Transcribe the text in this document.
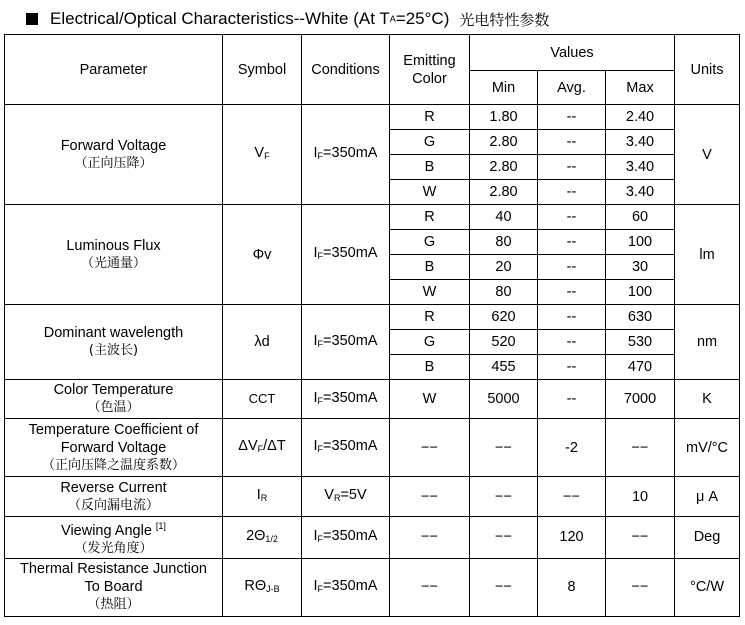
Electrical/Optical Characteristics--White (At T A =25°C) 光电特性参数
Parameter	Symbol	Conditions	Emitting Color	Values			Units
				Min	Avg.	Max	

Forward Voltage
（正向压降）	$V_F$	$I_F=350mA$	R	1.80	--	2.40	V
			G	2.80	--	3.40	
			B	2.80	--	3.40	
			W	2.80	--	3.40	

Luminous Flux
（光通量）	Φv	$I_F=350mA$	R	40	--	60	lm
			G	80	--	100	
			B	20	--	30	
			W	80	--	100	

Dominant wavelength
(主波长)	λd	$I_F=350mA$	R	620	--	630	nm
			G	520	--	530	
			B	455	--	470	

Color Temperature
（色温）	CCT	$I_F=350mA$	W	5000	--	7000	K

Temperature Coefficient of
Forward Voltage
（正向压降之温度系数）	$\Delta V_F/\Delta T$	$I_F=350mA$	−−	−−	-2	−−	mV/°C

Reverse Current
（反向漏电流）	$I_R$	$V_R=5V$	−−	−−	−−	10	μ A

Viewing Angle [1]
（发光角度）	$2\Theta_{1/2}$	$I_F=350mA$	−−	−−	120	−−	Deg

Thermal Resistance Junction
To Board
（热阻）	$R\Theta_{J-B}$	$I_F=350mA$	−−	−−	8	−−	°C/W
